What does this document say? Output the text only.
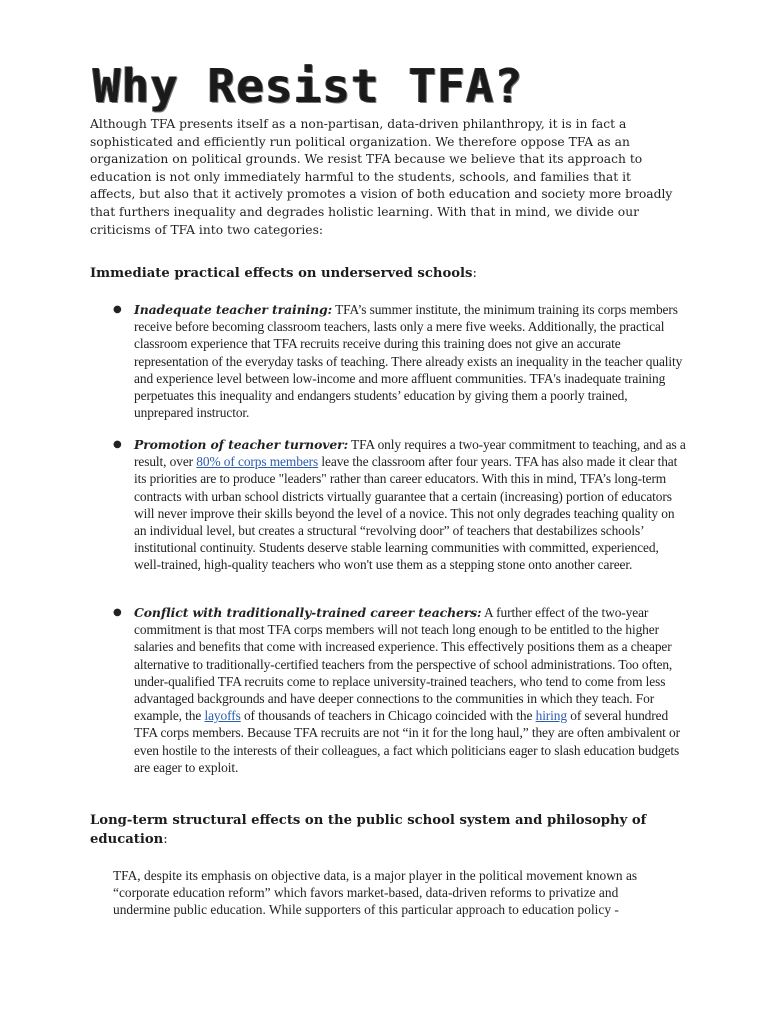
Why Resist TFA?

Although TFA presents itself as a non-partisan, data-driven philanthropy, it is in fact a sophisticated and efficiently run political organization. We therefore oppose TFA as an organization on political grounds. We resist TFA because we believe that its approach to education is not only immediately harmful to the students, schools, and families that it affects, but also that it actively promotes a vision of both education and society more broadly that furthers inequality and degrades holistic learning. With that in mind, we divide our criticisms of TFA into two categories:

Immediate practical effects on underserved schools:

● Inadequate teacher training: TFA’s summer institute, the minimum training its corps members receive before becoming classroom teachers, lasts only a mere five weeks. Additionally, the practical classroom experience that TFA recruits receive during this training does not give an accurate representation of the everyday tasks of teaching. There already exists an inequality in the teacher quality and experience level between low-income and more affluent communities. TFA's inadequate training perpetuates this inequality and endangers students’ education by giving them a poorly trained, unprepared instructor.

● Promotion of teacher turnover: TFA only requires a two-year commitment to teaching, and as a result, over 80% of corps members leave the classroom after four years. TFA has also made it clear that its priorities are to produce "leaders" rather than career educators. With this in mind, TFA’s long-term contracts with urban school districts virtually guarantee that a certain (increasing) portion of educators will never improve their skills beyond the level of a novice. This not only degrades teaching quality on an individual level, but creates a structural “revolving door” of teachers that destabilizes schools’ institutional continuity. Students deserve stable learning communities with committed, experienced, well-trained, high-quality teachers who won't use them as a stepping stone onto another career.

● Conflict with traditionally-trained career teachers: A further effect of the two-year commitment is that most TFA corps members will not teach long enough to be entitled to the higher salaries and benefits that come with increased experience. This effectively positions them as a cheaper alternative to traditionally-certified teachers from the perspective of school administrations. Too often, under-qualified TFA recruits come to replace university-trained teachers, who tend to come from less advantaged backgrounds and have deeper connections to the communities in which they teach. For example, the layoffs of thousands of teachers in Chicago coincided with the hiring of several hundred TFA corps members. Because TFA recruits are not “in it for the long haul,” they are often ambivalent or even hostile to the interests of their colleagues, a fact which politicians eager to slash education budgets are eager to exploit.

Long-term structural effects on the public school system and philosophy of education:

TFA, despite its emphasis on objective data, is a major player in the political movement known as “corporate education reform” which favors market-based, data-driven reforms to privatize and undermine public education. While supporters of this particular approach to education policy -
